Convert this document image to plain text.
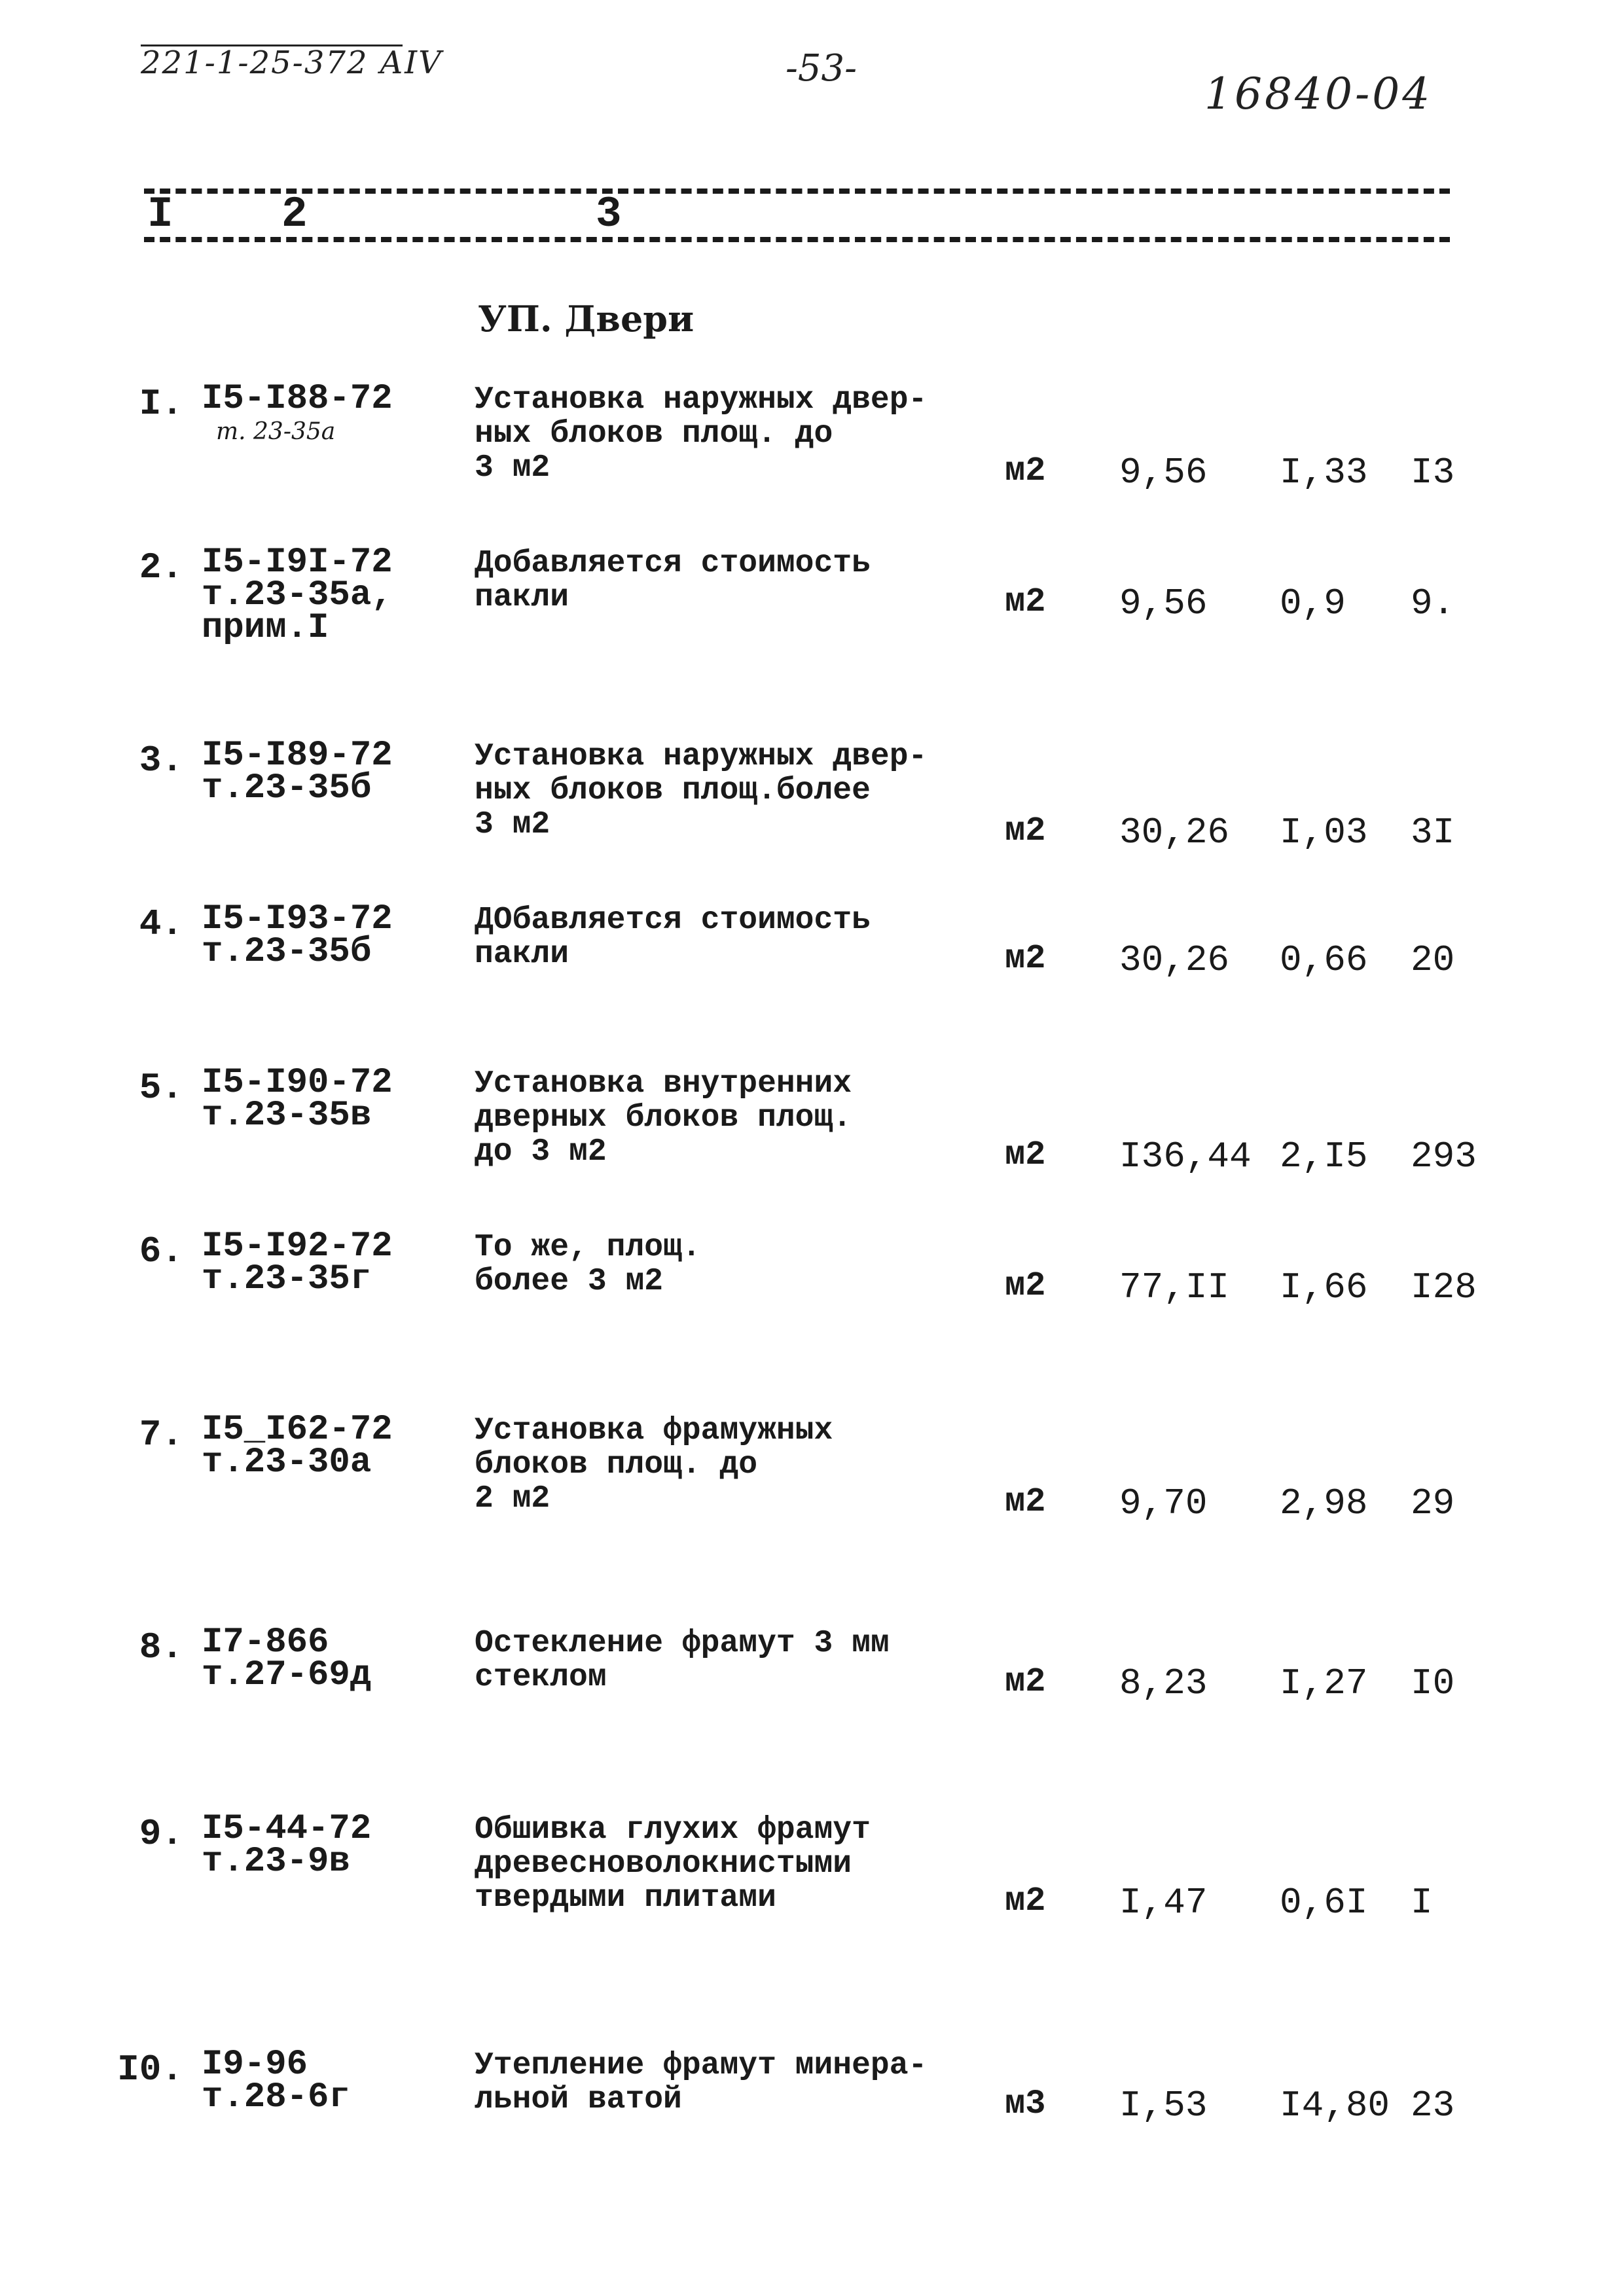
221-1-25-372 АIV	-53-
16840-04
I	2	3
УП. Двери
I. I5-I88-72
т. 23-35а
Установка наружных двер-
ных блоков площ. до
3 м2	м2 9,56 I,33 I3
2. I5-I9I-72
т.23-35а,
прим.I
Добавляется стоимость
пакли	м2 9,56 0,9 9.
3. I5-I89-72
т.23-35б
Установка наружных двер-
ных блоков площ.более
3 м2	м2 30,26 I,03 3I
4. I5-I93-72
т.23-35б
ДОбавляется стоимость
пакли	м2 30,26 0,66 20
5. I5-I90-72
т.23-35в
Установка внутренних
дверных блоков площ.
до 3 м2	м2 I36,44 2,I5 293
6. I5-I92-72
т.23-35г
То же, площ.
более 3 м2	м2 77,II I,66 I28
7. I5_I62-72
т.23-30а
Установка фрамужных
блоков площ. до
2 м2	м2 9,70 2,98 29
8. I7-866
т.27-69д
Остекление фрамут 3 мм
стеклом	м2 8,23 I,27 I0
9. I5-44-72
т.23-9в
Обшивка глухих фрамут
древесноволокнистыми
твердыми плитами	м2 I,47 0,6I I
I0. I9-96
т.28-6г
Утепление фрамут минера-
льной ватой	м3 I,53 I4,80 23
